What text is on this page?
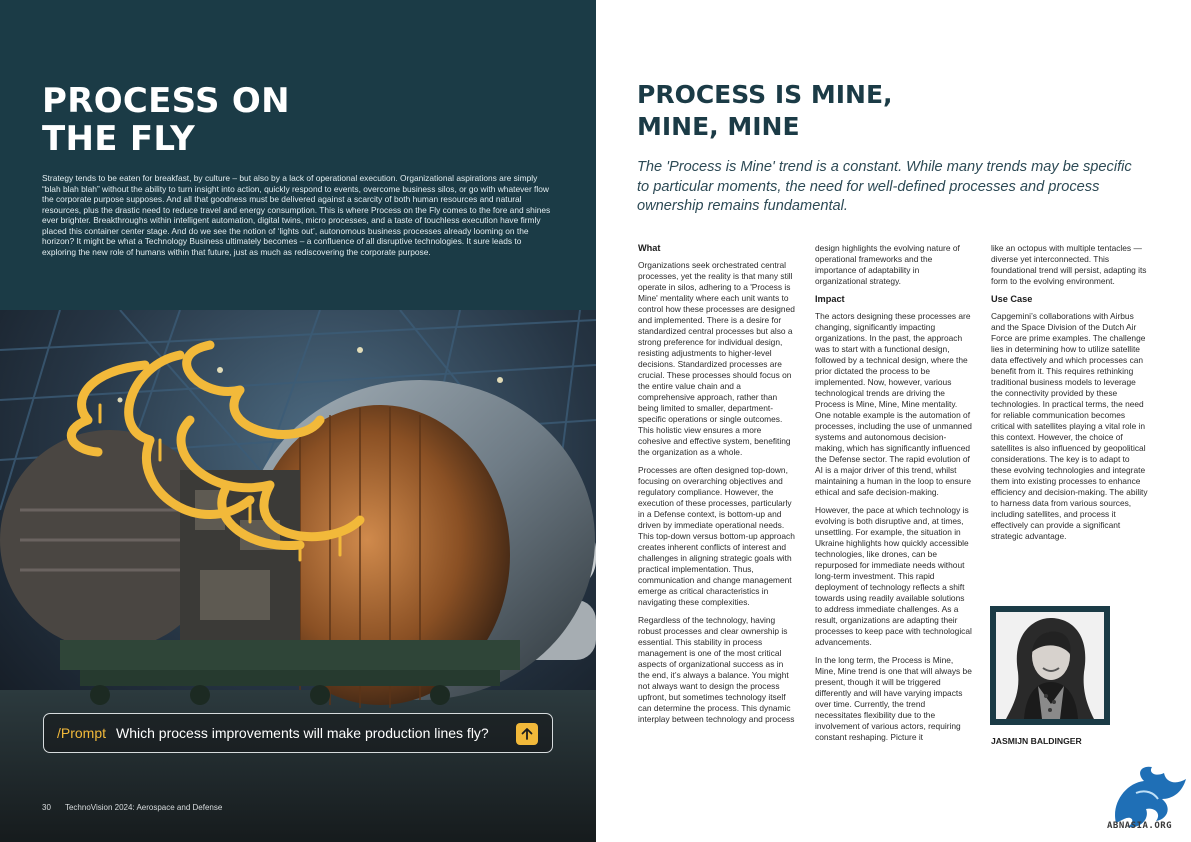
PROCESS ON
THE FLY
Strategy tends to be eaten for breakfast, by culture – but also by a lack of operational execution. Organizational aspirations are simply “blah blah blah” without the ability to turn insight into action, quickly respond to events, overcome business silos, or go with whatever flow the corporate purpose supposes. And all that goodness must be delivered against a scarcity of both human resources and natural resources, plus the drastic need to reduce travel and energy consumption. This is where Process on the Fly comes to the fore and shines ever brighter. Breakthroughs within intelligent automation, digital twins, micro processes, and a taste of touchless execution have firmly placed this container center stage. And do we see the notion of ‘lights out’, autonomous business processes already looming on the horizon? It might be what a Technology Business ultimately becomes – a confluence of all disruptive technologies. It sure leads to exploring the new role of humans within that future, just as much as rediscovering the corporate purpose.
/Prompt Which process improvements will make production lines fly?
30 TechnoVision 2024: Aerospace and Defense
PROCESS IS MINE,
MINE, MINE
The 'Process is Mine' trend is a constant. While many trends may be specific to particular moments, the need for well-defined processes and process ownership remains fundamental.
What

Organizations seek orchestrated central processes, yet the reality is that many still operate in silos, adhering to a 'Process is Mine' mentality where each unit wants to control how these processes are designed and implemented. There is a desire for standardized central processes but also a strong preference for individual design, resisting adjustments to higher-level decisions. Standardized processes are crucial. These processes should focus on the entire value chain and a comprehensive approach, rather than being limited to smaller, department-specific operations or single outcomes. This holistic view ensures a more cohesive and effective system, benefiting the organization as a whole.

Processes are often designed top-down, focusing on overarching objectives and regulatory compliance. However, the execution of these processes, particularly in a Defense context, is bottom-up and driven by immediate operational needs. This top-down versus bottom-up approach creates inherent conflicts of interest and challenges in aligning strategic goals with practical implementation. Thus, communication and change management emerge as critical characteristics in navigating these complexities.

Regardless of the technology, having robust processes and clear ownership is essential. This stability in process management is one of the most critical aspects of organizational success as in the end, it’s always a balance. You might not always want to design the process upfront, but sometimes technology itself can determine the process. This dynamic interplay between technology and process

design highlights the evolving nature of operational frameworks and the importance of adaptability in organizational strategy.

Impact

The actors designing these processes are changing, significantly impacting organizations. In the past, the approach was to start with a functional design, followed by a technical design, where the prior dictated the process to be implemented. Now, however, various technological trends are driving the Process is Mine, Mine, Mine mentality. One notable example is the automation of processes, including the use of unmanned systems and autonomous decision-making, which has significantly influenced the Defense sector. The rapid evolution of AI is a major driver of this trend, whilst maintaining a human in the loop to ensure ethical and safe decision-making.

However, the pace at which technology is evolving is both disruptive and, at times, unsettling. For example, the situation in Ukraine highlights how quickly accessible technologies, like drones, can be repurposed for immediate needs without long-term investment. This rapid deployment of technology reflects a shift towards using readily available solutions to address immediate challenges. As a result, organizations are adapting their processes to keep pace with technological advancements.

In the long term, the Process is Mine, Mine, Mine trend is one that will always be present, though it will be triggered differently and will have varying impacts over time. Currently, the trend necessitates flexibility due to the involvement of various actors, requiring constant reshaping. Picture it

like an octopus with multiple tentacles — diverse yet interconnected. This foundational trend will persist, adapting its form to the evolving environment.

Use Case

Capgemini’s collaborations with Airbus and the Space Division of the Dutch Air Force are prime examples. The challenge lies in determining how to utilize satellite data effectively and which processes can benefit from it. This requires rethinking traditional business models to leverage the connectivity provided by these technologies. In practical terms, the need for reliable communication becomes critical with satellites playing a vital role in this context. However, the choice of satellites is also influenced by geopolitical considerations. The key is to adapt to these evolving technologies and integrate them into existing processes to enhance efficiency and decision-making. The ability to harness data from various sources, including satellites, and process it effectively can provide a significant strategic advantage.

JASMIJN BALDINGER
ABNASIA.ORG
